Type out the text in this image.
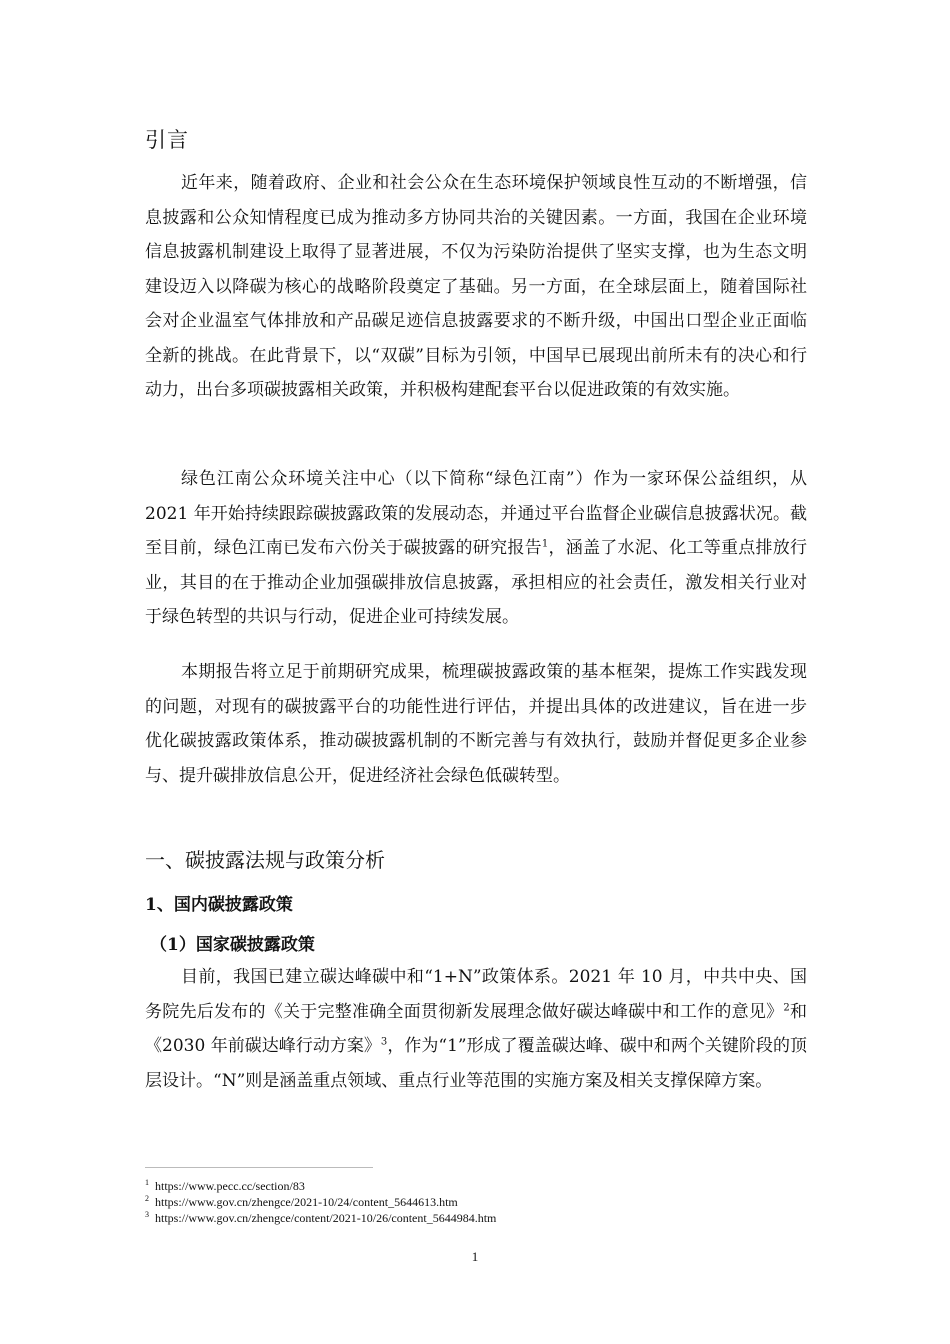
引言

近年来，随着政府、企业和社会公众在生态环境保护领域良性互动的不断增强，信息披露和公众知情程度已成为推动多方协同共治的关键因素。一方面，我国在企业环境信息披露机制建设上取得了显著进展，不仅为污染防治提供了坚实支撑，也为生态文明建设迈入以降碳为核心的战略阶段奠定了基础。另一方面，在全球层面上，随着国际社会对企业温室气体排放和产品碳足迹信息披露要求的不断升级，中国出口型企业正面临全新的挑战。在此背景下，以“双碳”目标为引领，中国早已展现出前所未有的决心和行动力，出台多项碳披露相关政策，并积极构建配套平台以促进政策的有效实施。

绿色江南公众环境关注中心（以下简称“绿色江南”）作为一家环保公益组织，从 2021 年开始持续跟踪碳披露政策的发展动态，并通过平台监督企业碳信息披露状况。截至目前，绿色江南已发布六份关于碳披露的研究报告$^1$，涵盖了水泥、化工等重点排放行业，其目的在于推动企业加强碳排放信息披露，承担相应的社会责任，激发相关行业对于绿色转型的共识与行动，促进企业可持续发展。

本期报告将立足于前期研究成果，梳理碳披露政策的基本框架，提炼工作实践发现的问题，对现有的碳披露平台的功能性进行评估，并提出具体的改进建议，旨在进一步优化碳披露政策体系，推动碳披露机制的不断完善与有效执行，鼓励并督促更多企业参与、提升碳排放信息公开，促进经济社会绿色低碳转型。

一、碳披露法规与政策分析
1、国内碳披露政策
（1）国家碳披露政策

目前，我国已建立碳达峰碳中和“1+N”政策体系。2021 年 10 月，中共中央、国务院先后发布的《关于完整准确全面贯彻新发展理念做好碳达峰碳中和工作的意见》$^2$和《2030 年前碳达峰行动方案》$^3$，作为“1”形成了覆盖碳达峰、碳中和两个关键阶段的顶层设计。“N”则是涵盖重点领域、重点行业等范围的实施方案及相关支撑保障方案。

$^1$ https://www.pecc.cc/section/83
$^2$ https://www.gov.cn/zhengce/2021-10/24/content_5644613.htm
$^3$ https://www.gov.cn/zhengce/content/2021-10/26/content_5644984.htm
1
